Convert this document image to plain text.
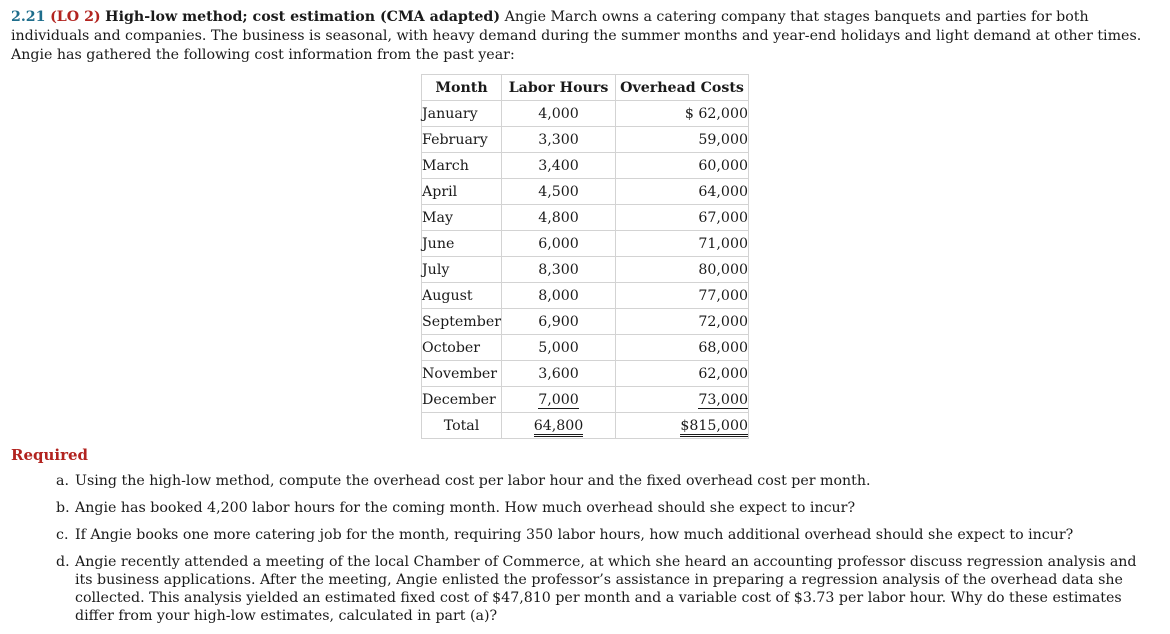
2.21 (LO 2) High-low method; cost estimation (CMA adapted) Angie March owns a catering company that stages banquets and parties for both individuals and companies. The business is seasonal, with heavy demand during the summer months and year-end holidays and light demand at other times. Angie has gathered the following cost information from the past year:

Month	Labor Hours	Overhead Costs
January	4,000	$ 62,000
February	3,300	59,000
March	3,400	60,000
April	4,500	64,000
May	4,800	67,000
June	6,000	71,000
July	8,300	80,000
August	8,000	77,000
September	6,900	72,000
October	5,000	68,000
November	3,600	62,000
December	7,000	73,000
Total	64,800	$815,000
Required
a. Using the high-low method, compute the overhead cost per labor hour and the fixed overhead cost per month.
b. Angie has booked 4,200 labor hours for the coming month. How much overhead should she expect to incur?
c. If Angie books one more catering job for the month, requiring 350 labor hours, how much additional overhead should she expect to incur?
d. Angie recently attended a meeting of the local Chamber of Commerce, at which she heard an accounting professor discuss regression analysis and its business applications. After the meeting, Angie enlisted the professor’s assistance in preparing a regression analysis of the overhead data she collected. This analysis yielded an estimated fixed cost of $47,810 per month and a variable cost of $3.73 per labor hour. Why do these estimates differ from your high-low estimates, calculated in part (a)?
